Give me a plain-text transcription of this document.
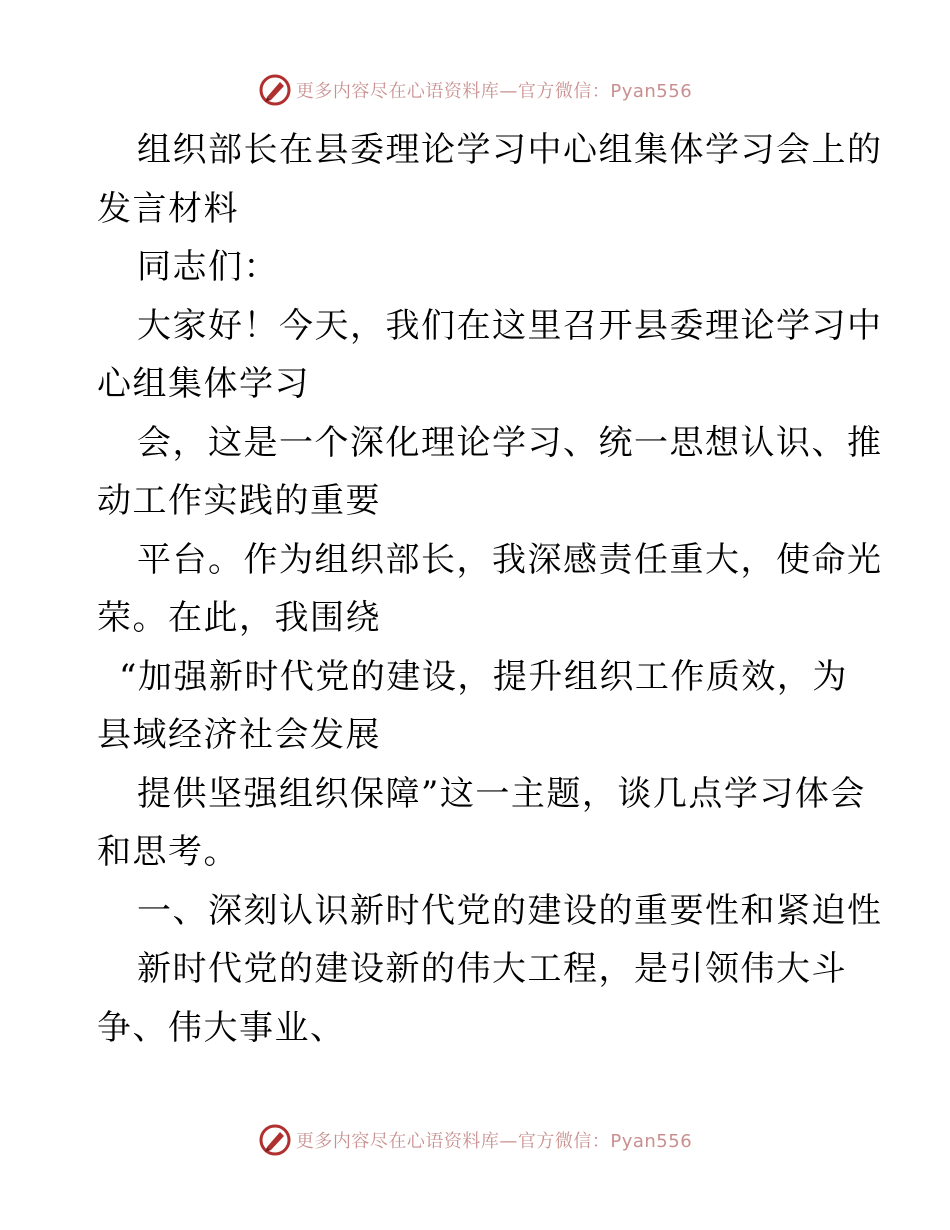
更多内容尽在心语资料库—官方微信：Pyan556
组织部长在县委理论学习中心组集体学习会上的
发言材料
同志们：
大家好！今天，我们在这里召开县委理论学习中
心组集体学习
会，这是一个深化理论学习、统一思想认识、推
动工作实践的重要
平台。作为组织部长，我深感责任重大，使命光
荣。在此，我围绕
“加强新时代党的建设，提升组织工作质效，为
县域经济社会发展
提供坚强组织保障”这一主题，谈几点学习体会
和思考。
一、深刻认识新时代党的建设的重要性和紧迫性
新时代党的建设新的伟大工程，是引领伟大斗
争、伟大事业、
更多内容尽在心语资料库—官方微信：Pyan556
